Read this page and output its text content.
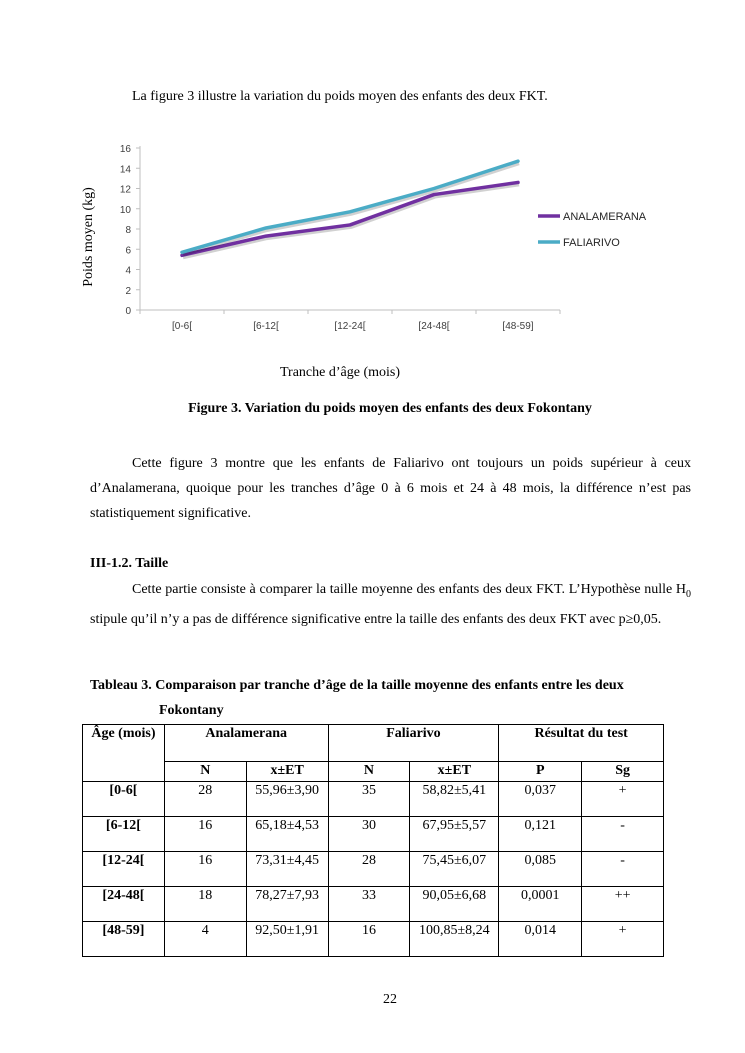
La figure 3 illustre la variation du poids moyen des enfants des deux FKT.
0
2
4
6
8
10
12
14
16
[0-6[	[6-12[	[12-24[	[24-48[	[48-59]
ANALAMERANA
FALIARIVO
Poids moyen (kg)
Tranche d’âge (mois)
Figure 3. Variation du poids moyen des enfants des deux Fokontany
Cette figure 3 montre que les enfants de Faliarivo ont toujours un poids supérieur à ceux d’Analamerana, quoique pour les tranches d’âge 0 à 6 mois et 24 à 48 mois, la différence n’est pas statistiquement significative.
III-1.2. Taille
Cette partie consiste à comparer la taille moyenne des enfants des deux FKT. L’Hypothèse nulle $H_0$ stipule qu’il n’y a pas de différence significative entre la taille des enfants des deux FKT avec p≥0,05.
Tableau 3. Comparaison par tranche d’âge de la taille moyenne des enfants entre les deux
Fokontany
Âge (mois)	Analamerana		Faliarivo		Résultat du test	
	N	x±ET	N	x±ET	P	Sg
[0-6[	28	55,96±3,90	35	58,82±5,41	0,037	+
[6-12[	16	65,18±4,53	30	67,95±5,57	0,121	-
[12-24[	16	73,31±4,45	28	75,45±6,07	0,085	-
[24-48[	18	78,27±7,93	33	90,05±6,68	0,0001	++
[48-59]	4	92,50±1,91	16	100,85±8,24	0,014	+
22
